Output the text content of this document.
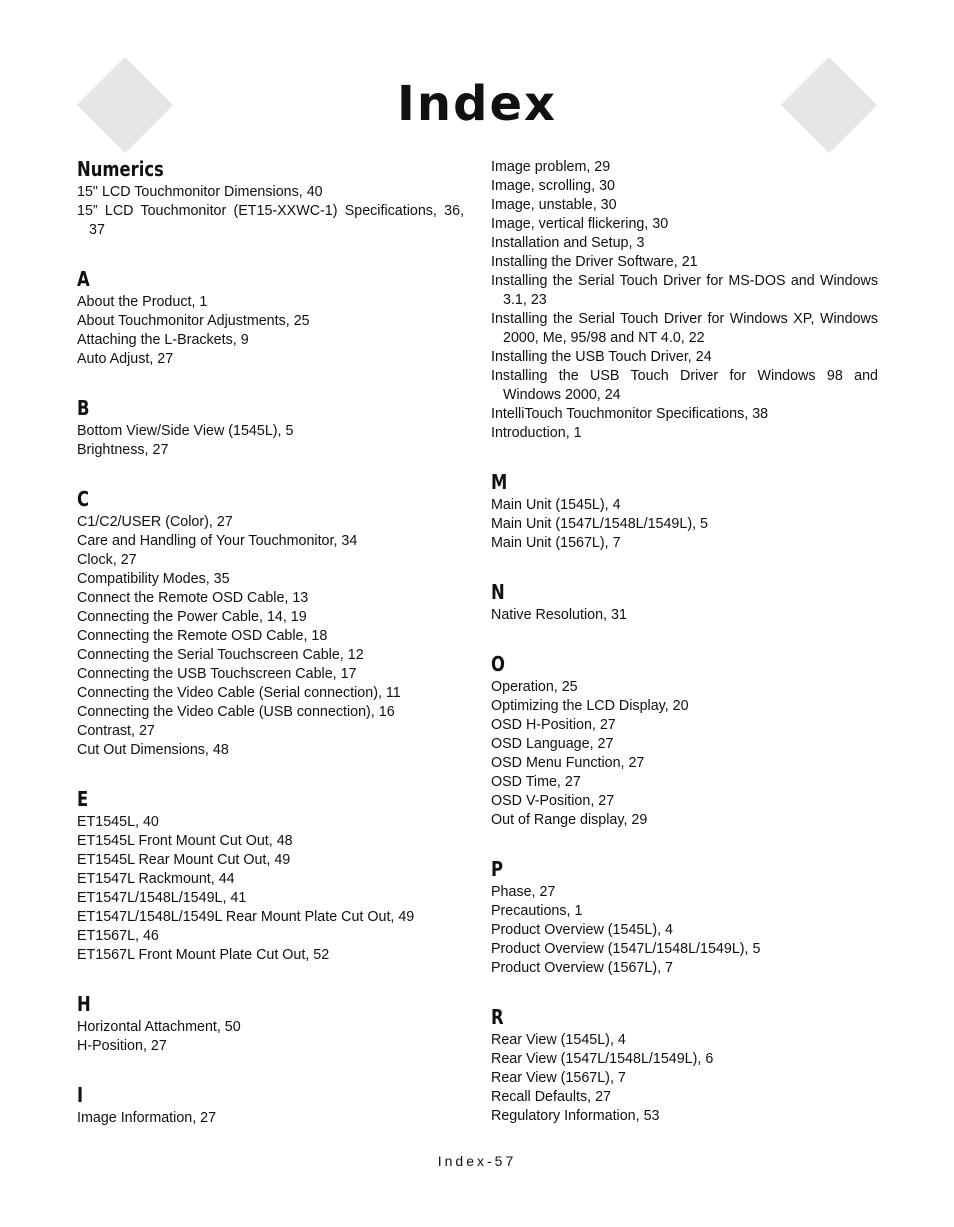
Index
Numerics
15" LCD Touchmonitor Dimensions, 40
15” LCD Touchmonitor (ET15-XXWC-1) Specifications, 36, 37
A
About the Product, 1
About Touchmonitor Adjustments, 25
Attaching the L-Brackets, 9
Auto Adjust, 27
B
Bottom View/Side View (1545L), 5
Brightness, 27
C
C1/C2/USER (Color), 27
Care and Handling of Your Touchmonitor, 34
Clock, 27
Compatibility Modes, 35
Connect the Remote OSD Cable, 13
Connecting the Power Cable, 14, 19
Connecting the Remote OSD Cable, 18
Connecting the Serial Touchscreen Cable, 12
Connecting the USB Touchscreen Cable, 17
Connecting the Video Cable (Serial connection), 11
Connecting the Video Cable (USB connection), 16
Contrast, 27
Cut Out Dimensions, 48
E
ET1545L, 40
ET1545L Front Mount Cut Out, 48
ET1545L Rear Mount Cut Out, 49
ET1547L Rackmount, 44
ET1547L/1548L/1549L, 41
ET1547L/1548L/1549L Rear Mount Plate Cut Out, 49
ET1567L, 46
ET1567L Front Mount Plate Cut Out, 52
H
Horizontal Attachment, 50
H-Position, 27
I
Image Information, 27
Image problem, 29
Image, scrolling, 30
Image, unstable, 30
Image, vertical flickering, 30
Installation and Setup, 3
Installing the Driver Software, 21
Installing the Serial Touch Driver for MS-DOS and Windows 3.1, 23
Installing the Serial Touch Driver for Windows XP, Windows 2000, Me, 95/98 and NT 4.0, 22
Installing the USB Touch Driver, 24
Installing the USB Touch Driver for Windows 98 and Windows 2000, 24
IntelliTouch Touchmonitor Specifications, 38
Introduction, 1
M
Main Unit (1545L), 4
Main Unit (1547L/1548L/1549L), 5
Main Unit (1567L), 7
N
Native Resolution, 31
O
Operation, 25
Optimizing the LCD Display, 20
OSD H-Position, 27
OSD Language, 27
OSD Menu Function, 27
OSD Time, 27
OSD V-Position, 27
Out of Range display, 29
P
Phase, 27
Precautions, 1
Product Overview (1545L), 4
Product Overview (1547L/1548L/1549L), 5
Product Overview (1567L), 7
R
Rear View (1545L), 4
Rear View (1547L/1548L/1549L), 6
Rear View (1567L), 7
Recall Defaults, 27
Regulatory Information, 53
Index-57
